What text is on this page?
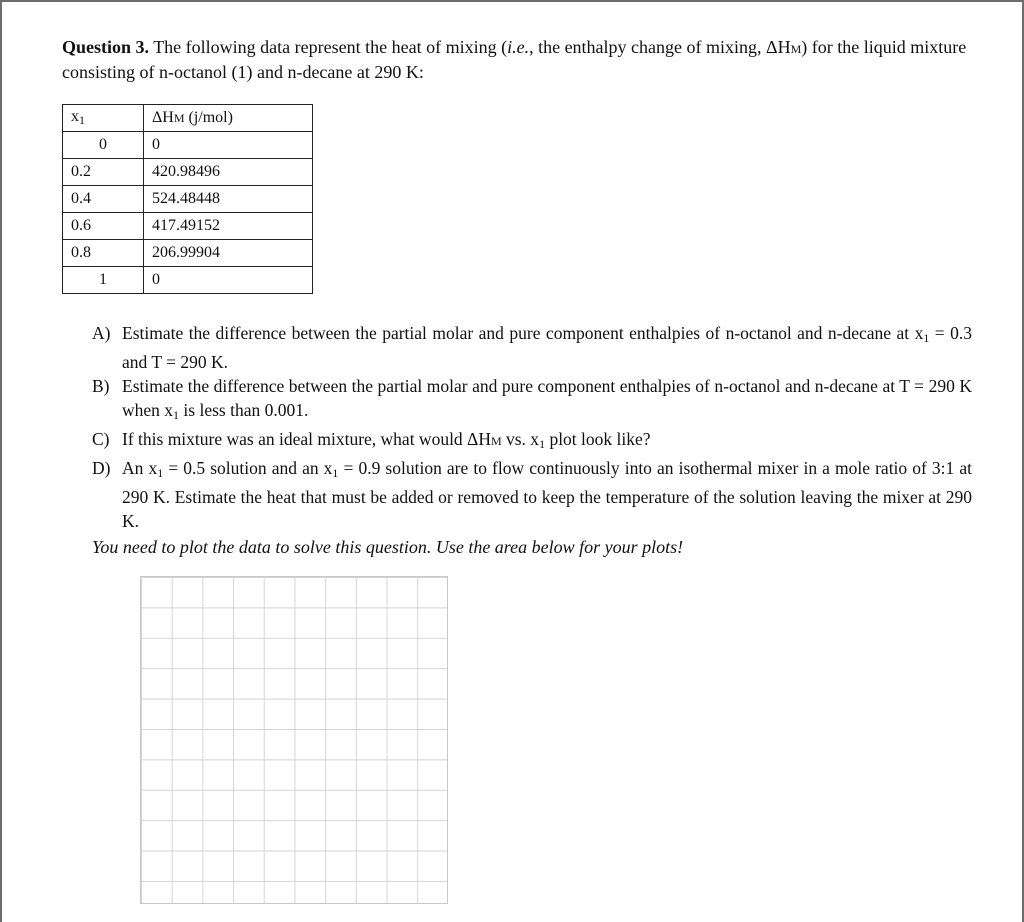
Question 3. The following data represent the heat of mixing (i.e., the enthalpy change of mixing, ΔHM) for the liquid mixture consisting of n-octanol (1) and n-decane at 290 K:
$x_1$	ΔHM (j/mol)
0	0
0.2	420.98496
0.4	524.48448
0.6	417.49152
0.8	206.99904
1	0
A) Estimate the difference between the partial molar and pure component enthalpies of n-octanol and n-decane at $x_1 = 0.3$ and T = 290 K.
B) Estimate the difference between the partial molar and pure component enthalpies of n-octanol and n-decane at T = 290 K when $x_1$ is less than 0.001.
C) If this mixture was an ideal mixture, what would ΔHM vs. $x_1$ plot look like?
D) An $x_1 = 0.5$ solution and an $x_1 = 0.9$ solution are to flow continuously into an isothermal mixer in a mole ratio of 3:1 at 290 K. Estimate the heat that must be added or removed to keep the temperature of the solution leaving the mixer at 290 K.
You need to plot the data to solve this question. Use the area below for your plots!
